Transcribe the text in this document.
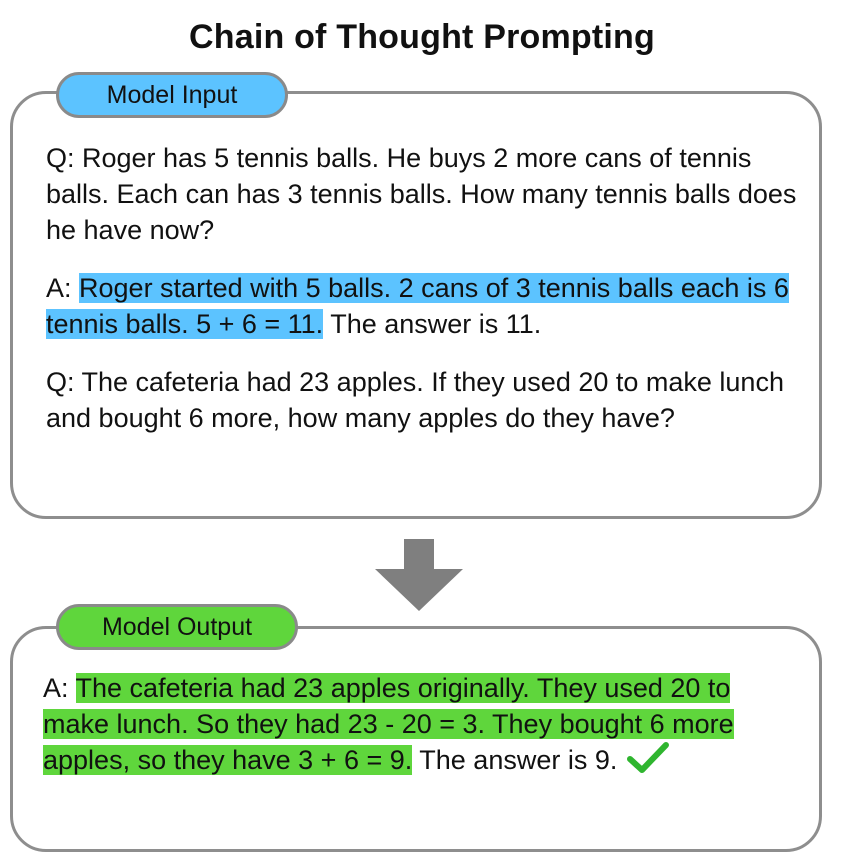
Chain of Thought Prompting
Model Input
Q: Roger has 5 tennis balls. He buys 2 more cans of tennis balls. Each can has 3 tennis balls. How many tennis balls does he have now?
A: Roger started with 5 balls. 2 cans of 3 tennis balls each is 6 tennis balls. 5 + 6 = 11. The answer is 11.
Q: The cafeteria had 23 apples. If they used 20 to make lunch and bought 6 more, how many apples do they have?
Model Output
A: The cafeteria had 23 apples originally. They used 20 to make lunch. So they had 23 - 20 = 3. They bought 6 more apples, so they have 3 + 6 = 9. The answer is 9.
